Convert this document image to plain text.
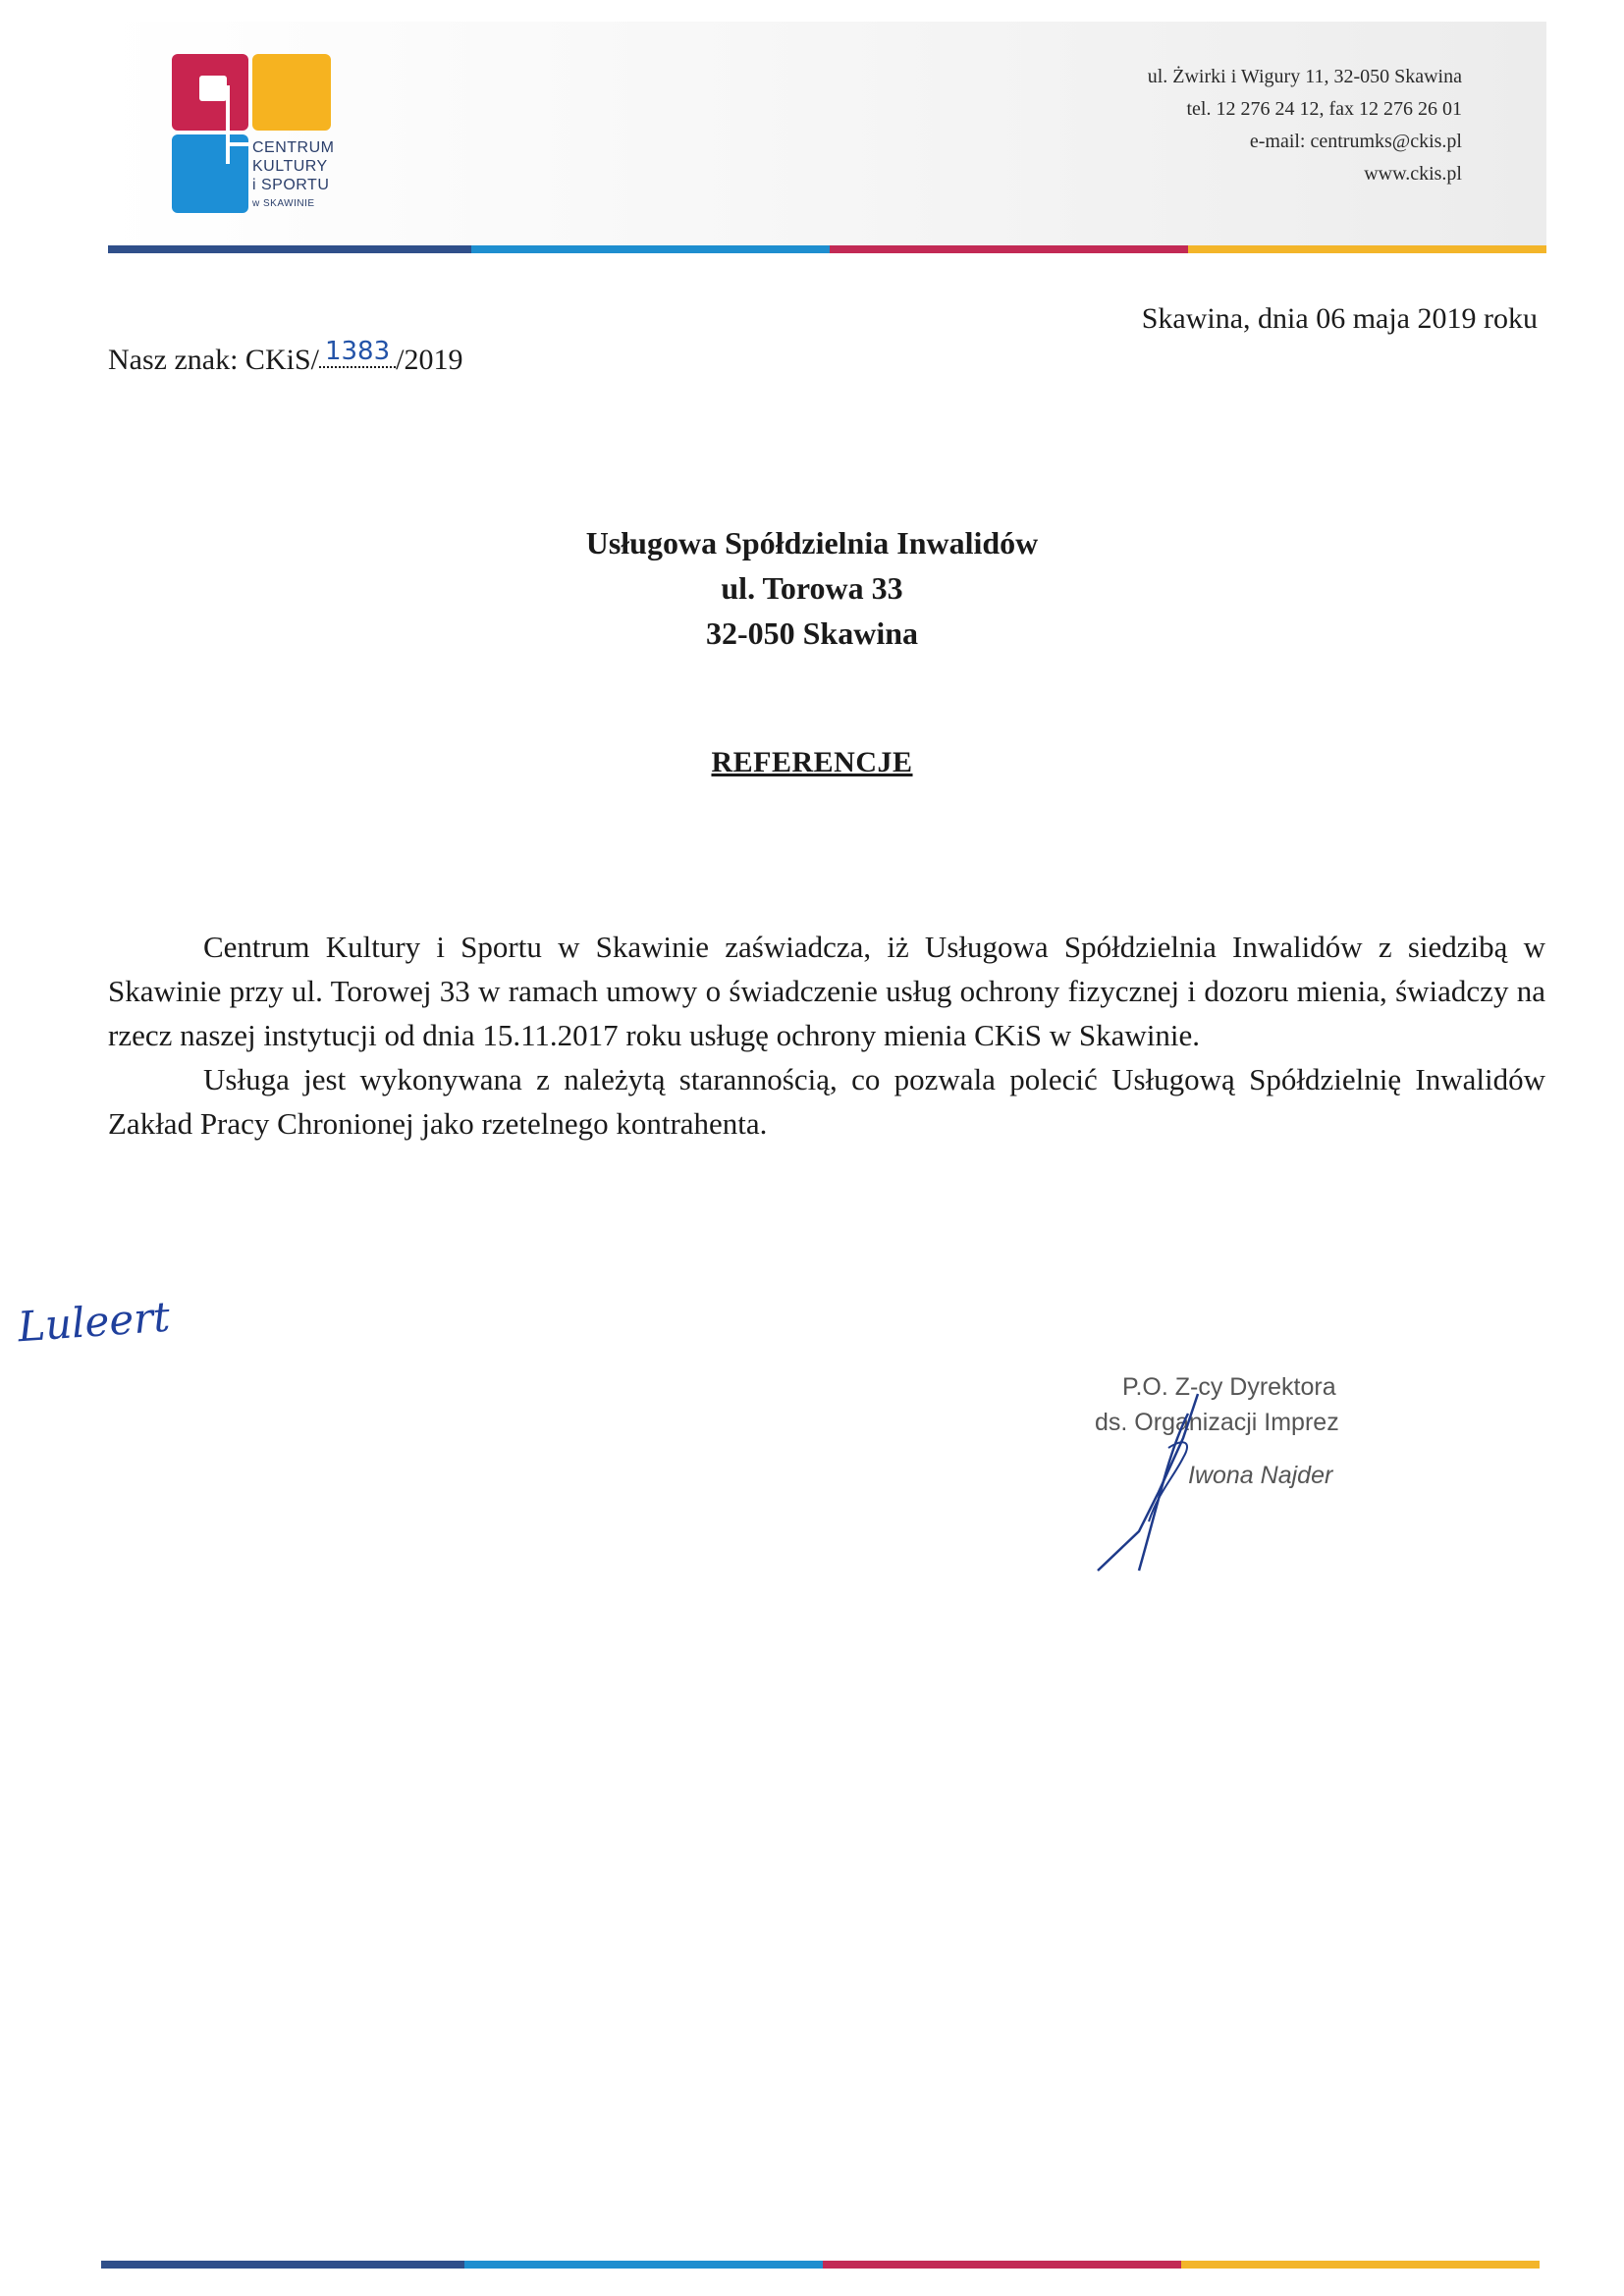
CENTRUM
KULTURY
i SPORTU
w SKAWINIE
ul. Żwirki i Wigury 11, 32-050 Skawina
tel. 12 276 24 12, fax 12 276 26 01
e-mail: centrumks@ckis.pl
www.ckis.pl
Skawina, dnia 06 maja 2019 roku
Nasz znak: CKiS/ 1383 /2019
Usługowa Spółdzielnia Inwalidów
ul. Torowa 33
32-050 Skawina
REFERENCJE

Centrum Kultury i Sportu w Skawinie zaświadcza, iż Usługowa Spółdzielnia Inwalidów z siedzibą w Skawinie przy ul. Torowej 33 w ramach umowy o świadczenie usług ochrony fizycznej i dozoru mienia, świadczy na rzecz naszej instytucji od dnia 15.11.2017 roku usługę ochrony mienia CKiS w Skawinie.

Usługa jest wykonywana z należytą starannością, co pozwala polecić Usługową Spółdzielnię Inwalidów Zakład Pracy Chronionej jako rzetelnego kontrahenta.

Luleert
P.O. Z-cy Dyrektora
ds. Organizacji Imprez
Iwona Najder
